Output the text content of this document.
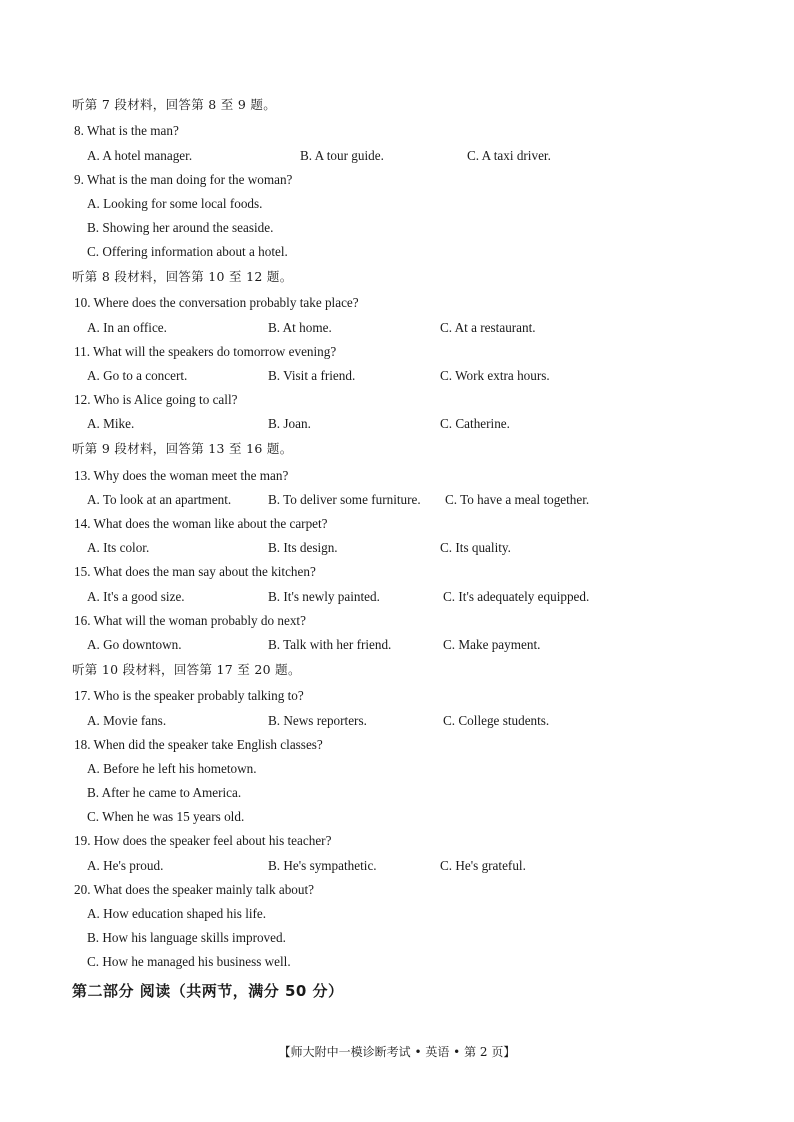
听第 7 段材料，回答第 8 至 9 题。
8. What is the man?
A. A hotel manager.	B. A tour guide.	C. A taxi driver.
9. What is the man doing for the woman?
A. Looking for some local foods.
B. Showing her around the seaside.
C. Offering information about a hotel.
听第 8 段材料，回答第 10 至 12 题。
10. Where does the conversation probably take place?
A. In an office.	B. At home.	C. At a restaurant.
11. What will the speakers do tomorrow evening?
A. Go to a concert.	B. Visit a friend.	C. Work extra hours.
12. Who is Alice going to call?
A. Mike.	B. Joan.	C. Catherine.
听第 9 段材料，回答第 13 至 16 题。
13. Why does the woman meet the man?
A. To look at an apartment.	B. To deliver some furniture. C. To have a meal together.
14. What does the woman like about the carpet?
A. Its color.	B. Its design.	C. Its quality.
15. What does the man say about the kitchen?
A. It's a good size.	B. It's newly painted.	C. It's adequately equipped.
16. What will the woman probably do next?
A. Go downtown.	B. Talk with her friend.	C. Make payment.
听第 10 段材料，回答第 17 至 20 题。
17. Who is the speaker probably talking to?
A. Movie fans.	B. News reporters.	C. College students.
18. When did the speaker take English classes?
A. Before he left his hometown.
B. After he came to America.
C. When he was 15 years old.
19. How does the speaker feel about his teacher?
A. He's proud.	B. He's sympathetic.	C. He's grateful.
20. What does the speaker mainly talk about?
A. How education shaped his life.
B. How his language skills improved.
C. How he managed his business well.
第二部分 阅读（共两节，满分 50 分）
【师大附中一模诊断考试 • 英语 • 第 2 页】
